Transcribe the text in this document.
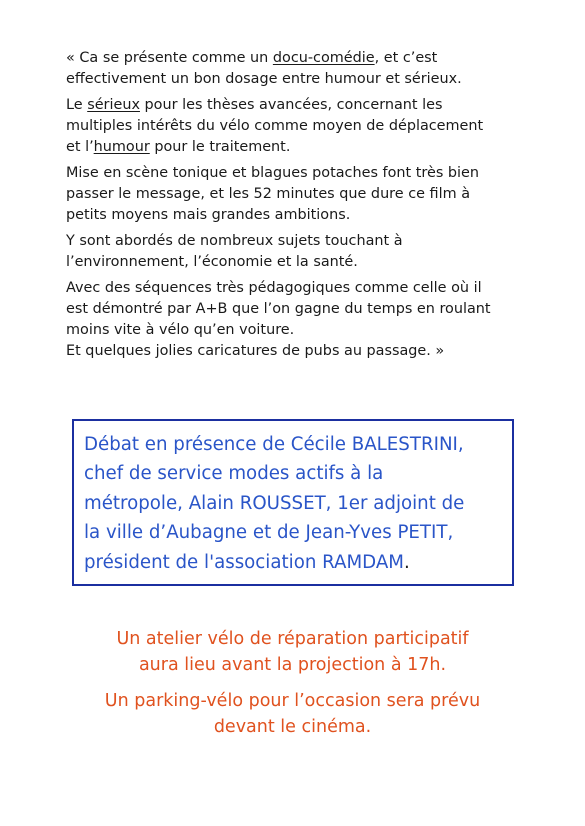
« Ca se présente comme un docu-comédie, et c’est
effectivement un bon dosage entre humour et sérieux.

Le sérieux pour les thèses avancées, concernant les
multiples intérêts du vélo comme moyen de déplacement
et l’humour pour le traitement.

Mise en scène tonique et blagues potaches font très bien
passer le message, et les 52 minutes que dure ce film à
petits moyens mais grandes ambitions.

Y sont abordés de nombreux sujets touchant à
l’environnement, l’économie et la santé.

Avec des séquences très pédagogiques comme celle où il
est démontré par A+B que l’on gagne du temps en roulant
moins vite à vélo qu’en voiture.

Et quelques jolies caricatures de pubs au passage. »

Débat en présence de Cécile BALESTRINI,
chef de service modes actifs à la
métropole, Alain ROUSSET, 1er adjoint de
la ville d’Aubagne et de Jean-Yves PETIT,
président de l'association RAMDAM.
Un atelier vélo de réparation participatif
aura lieu avant la projection à 17h.
Un parking-vélo pour l’occasion sera prévu
devant le cinéma.
